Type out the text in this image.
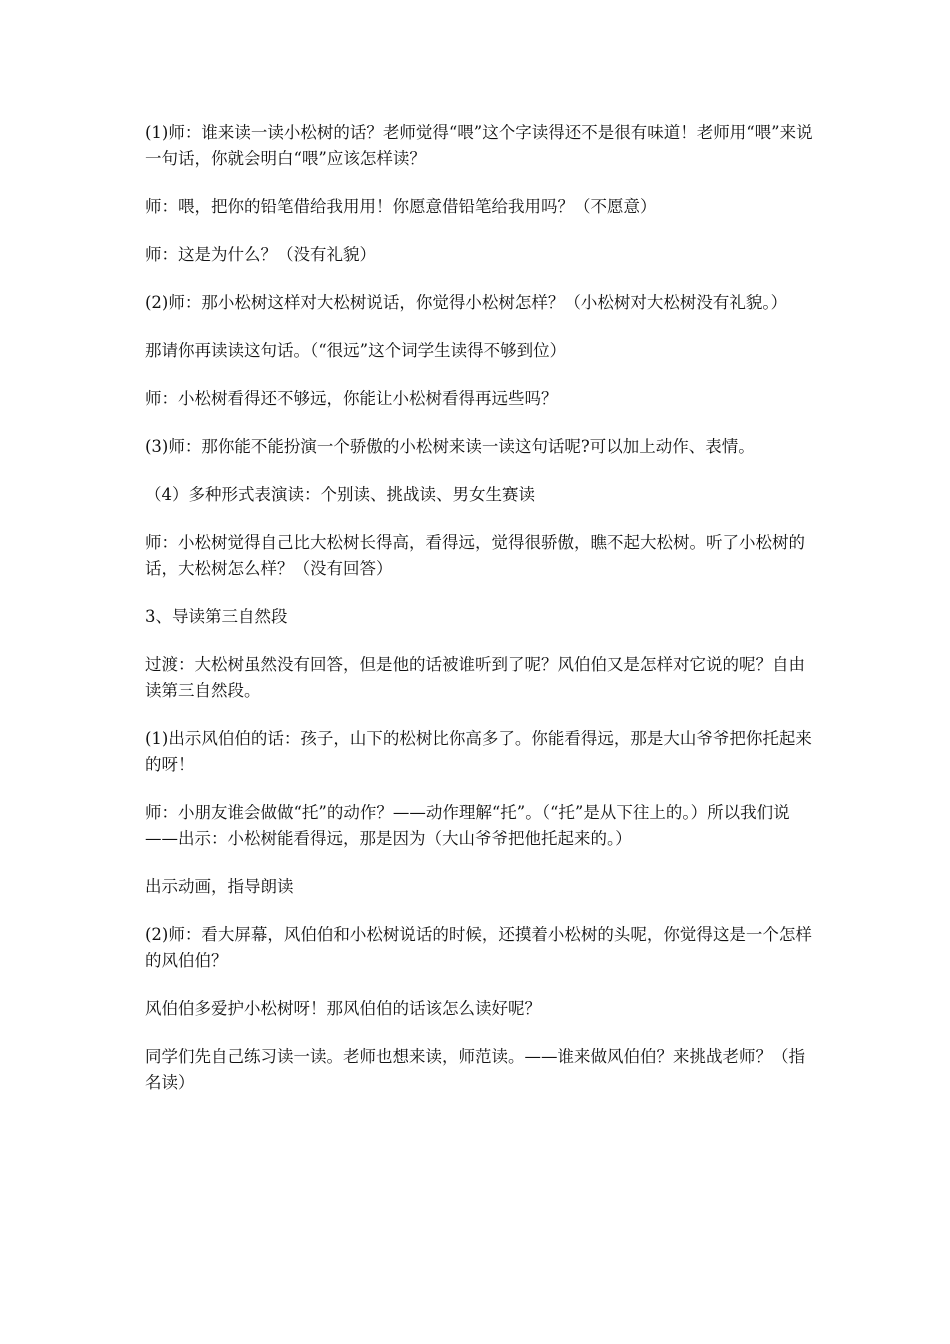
(1)师：谁来读一读小松树的话？老师觉得“喂”这个字读得还不是很有味道！老师用“喂”来说一句话，你就会明白“喂”应该怎样读？

师：喂，把你的铅笔借给我用用！你愿意借铅笔给我用吗？（不愿意）

师：这是为什么？（没有礼貌）

(2)师：那小松树这样对大松树说话，你觉得小松树怎样？（小松树对大松树没有礼貌。）

那请你再读读这句话。（“很远”这个词学生读得不够到位）

师：小松树看得还不够远，你能让小松树看得再远些吗？

(3)师：那你能不能扮演一个骄傲的小松树来读一读这句话呢?可以加上动作、表情。

（4）多种形式表演读：个别读、挑战读、男女生赛读

师：小松树觉得自己比大松树长得高，看得远，觉得很骄傲，瞧不起大松树。听了小松树的话，大松树怎么样？（没有回答）

3、导读第三自然段

过渡：大松树虽然没有回答，但是他的话被谁听到了呢？风伯伯又是怎样对它说的呢？自由读第三自然段。

(1)出示风伯伯的话：孩子，山下的松树比你高多了。你能看得远，那是大山爷爷把你托起来的呀！

师：小朋友谁会做做“托”的动作？——动作理解“托”。（“托”是从下往上的。）所以我们说——出示：小松树能看得远，那是因为（大山爷爷把他托起来的。）

出示动画，指导朗读

(2)师：看大屏幕，风伯伯和小松树说话的时候，还摸着小松树的头呢，你觉得这是一个怎样的风伯伯？

风伯伯多爱护小松树呀！那风伯伯的话该怎么读好呢？

同学们先自己练习读一读。老师也想来读，师范读。——谁来做风伯伯？来挑战老师？（指名读）
